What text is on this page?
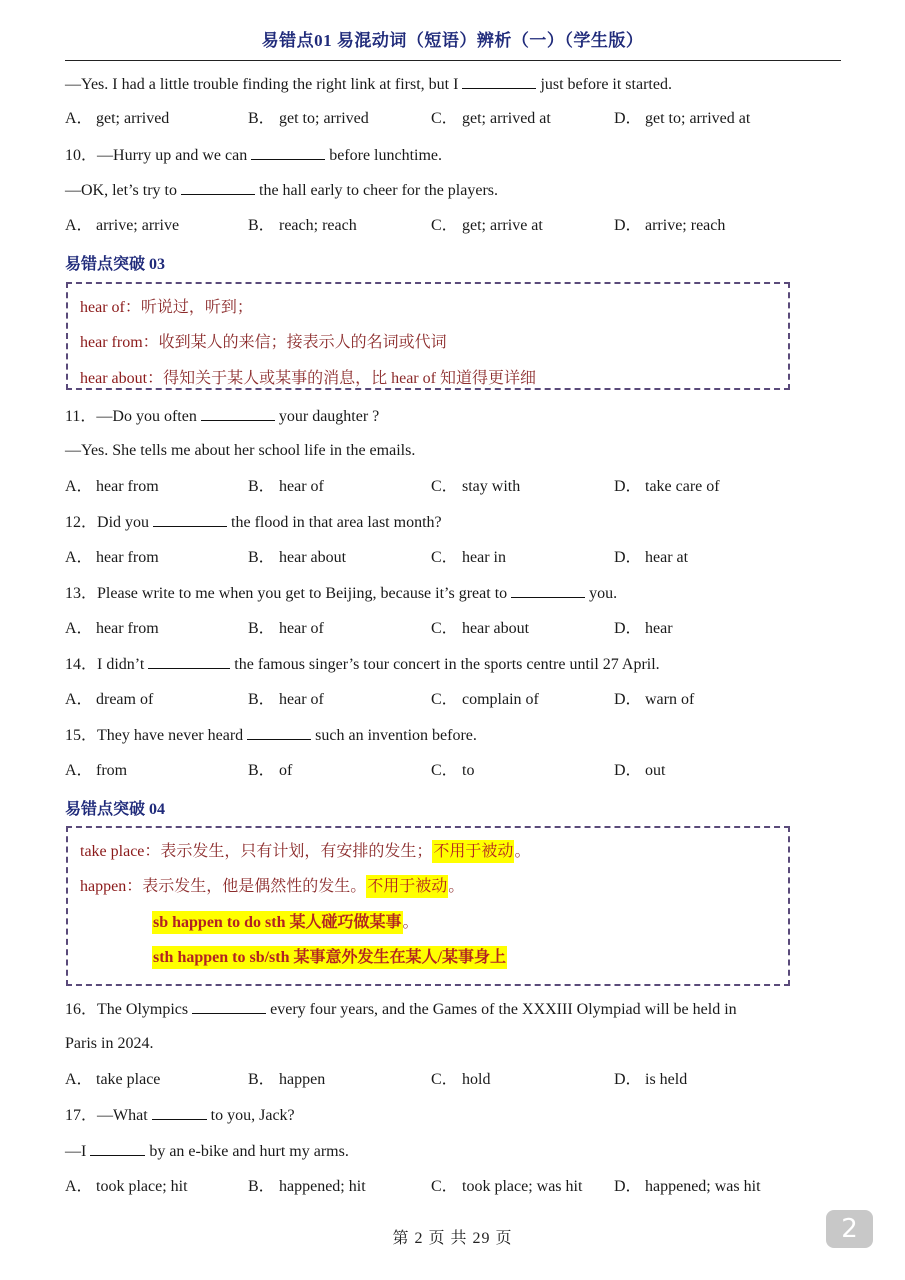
易错点01 易混动词（短语）辨析（一）（学生版）
—Yes. I had a little trouble finding the right link at first, but I	just before it started.
A． get; arrived	B． get to; arrived	C． get; arrived at	D． get to; arrived at
10．—Hurry up and we can	before lunchtime.
—OK, let’s try to	the hall early to cheer for the players.
A． arrive; arrive	B． reach; reach	C． get; arrive at	D． arrive; reach
易错点突破 03
hear of：听说过，听到；
hear from：收到某人的来信；接表示人的名词或代词
hear about：得知关于某人或某事的消息，比 hear of 知道得更详细
11．—Do you often	your daughter ?
—Yes. She tells me about her school life in the emails.
A． hear from	B． hear of	C． stay with	D． take care of
12．Did you	the flood in that area last month?
A． hear from	B． hear about	C． hear in	D． hear at
13．Please write to me when you get to Beijing, because it’s great to	you.
A． hear from	B． hear of	C． hear about	D． hear
14．I didn’t	the famous singer’s tour concert in the sports centre until 27 April.
A． dream of	B． hear of	C． complain of	D． warn of
15．They have never heard	such an invention before.
A． from	B． of	C． to	D． out
易错点突破 04
take place：表示发生，只有计划，有安排的发生；不用于被动。
happen：表示发生，他是偶然性的发生。不用于被动。
sb happen to do sth 某人碰巧做某事。
sth happen to sb/sth 某事意外发生在某人/某事身上
16．The Olympics	every four years, and the Games of the XXXIII Olympiad will be held in
Paris in 2024.
A． take place	B． happen	C． hold	D． is held
17．—What	to you, Jack?
—I	by an e-bike and hurt my arms.
A． took place; hit	B． happened; hit	C． took place; was hit D． happened; was hit
第 2 页 共 29 页	2
